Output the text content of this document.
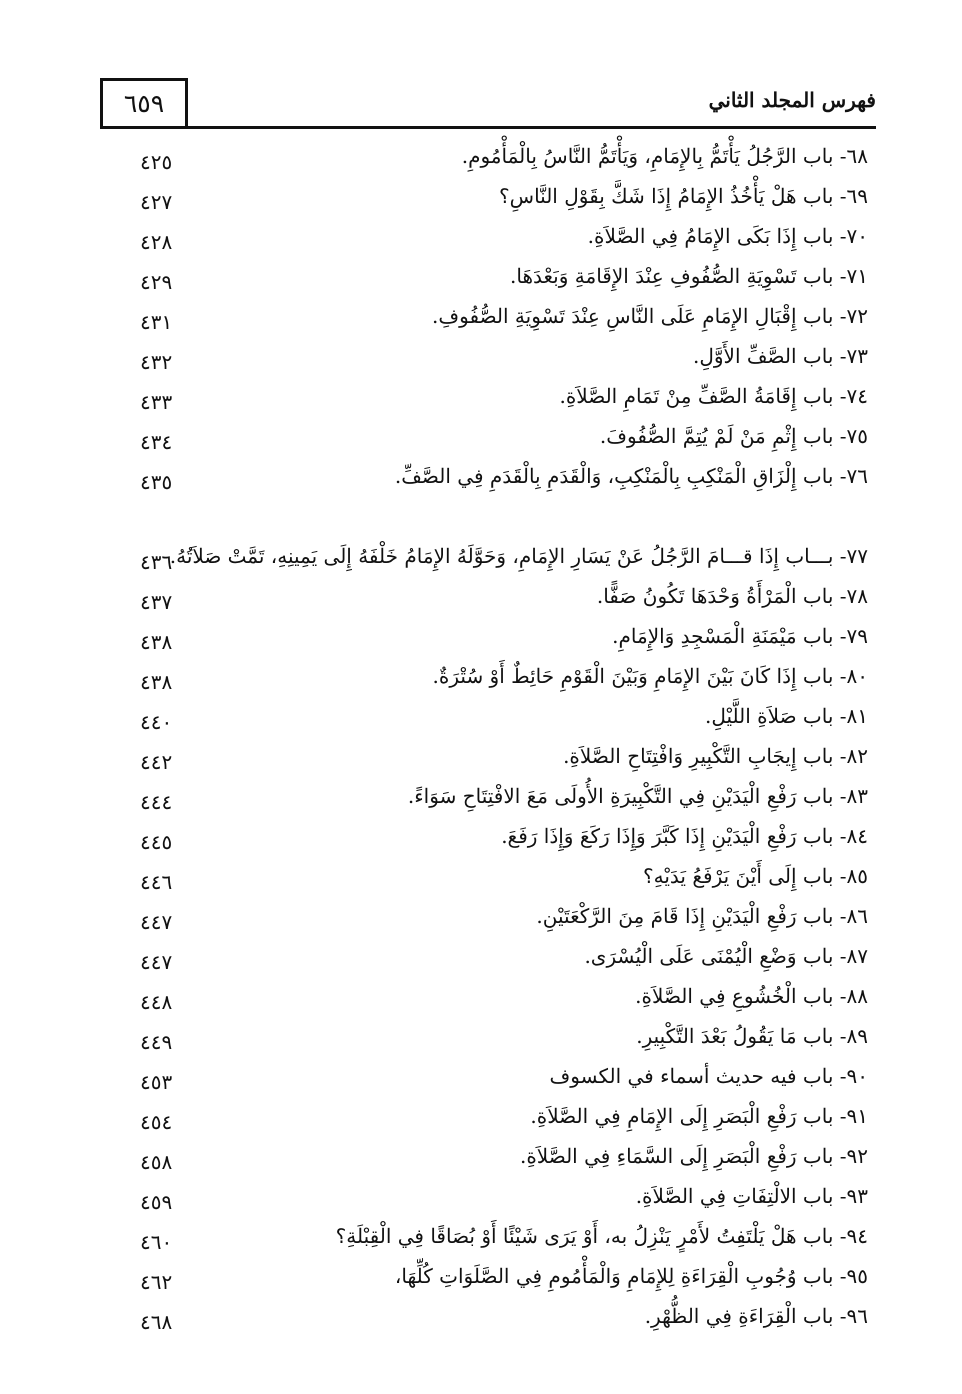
٦٥٩	فهرس المجلد الثاني
٦٨- باب الرَّجُلُ يَأْتَمُّ بِالإِمَامِ، وَيَأْتَمُّ النَّاسُ بِالْمَأْمُومِ.
٤٢٥
٦٩- باب هَلْ يَأْخُذُ الإِمَامُ إِذَا شَكَّ بِقَوْلِ النَّاسِ؟
٤٢٧
٧٠- باب إِذَا بَكَى الإِمَامُ فِي الصَّلاَةِ.
٤٢٨
٧١- باب تَسْوِيَةِ الصُّفُوفِ عِنْدَ الإِقَامَةِ وَبَعْدَهَا.
٤٢٩
٧٢- باب إِقْبَالِ الإِمَامِ عَلَى النَّاسِ عِنْدَ تَسْوِيَةِ الصُّفُوفِ.
٤٣١
٧٣- باب الصَّفِّ الأَوَّلِ.
٤٣٢
٧٤- باب إِقَامَةُ الصَّفِّ مِنْ تَمَامِ الصَّلاَةِ.
٤٣٣
٧٥- باب إِثْمِ مَنْ لَمْ يُتِمَّ الصُّفُوفَ.
٤٣٤
٧٦- باب إِلْزَاقِ الْمَنْكِبِ بِالْمَنْكِبِ، وَالْقَدَمِ بِالْقَدَمِ فِي الصَّفِّ.
٤٣٥
٧٧- بـــاب إِذَا قـــامَ الرَّجُلُ عَنْ يَسَارِ الإِمَامِ، وَحَوَّلَهُ الإِمَامُ خَلْفَهُ إِلَى يَمِينِهِ، تَمَّتْ صَلاَتُهُ.
٤٣٦
٧٨- باب الْمَرْأَةُ وَحْدَهَا تَكُونُ صَفًّا.
٤٣٧
٧٩- باب مَيْمَنَةِ الْمَسْجِدِ وَالإِمَامِ.
٤٣٨
٨٠- باب إِذَا كَانَ بَيْنَ الإِمَامِ وَبَيْنَ الْقَوْمِ حَائِطٌ أَوْ سُتْرَةٌ.
٤٣٨
٨١- باب صَلاَةِ اللَّيْلِ.
٤٤٠
٨٢- باب إِيجَابِ التَّكْبِيرِ وَافْتِتَاحِ الصَّلاَةِ.
٤٤٢
٨٣- باب رَفْعِ الْيَدَيْنِ فِي التَّكْبِيرَةِ الأُولَى مَعَ الافْتِتَاحِ سَوَاءً.
٤٤٤
٨٤- باب رَفْعِ الْيَدَيْنِ إِذَا كَبَّرَ وَإِذَا رَكَعَ وَإِذَا رَفَعَ.
٤٤٥
٨٥- باب إِلَى أَيْنَ يَرْفَعُ يَدَيْهِ؟
٤٤٦
٨٦- باب رَفْعِ الْيَدَيْنِ إِذَا قَامَ مِنَ الرَّكْعَتَيْنِ.
٤٤٧
٨٧- باب وَضْعِ الْيُمْنَى عَلَى الْيُسْرَى.
٤٤٧
٨٨- باب الْخُشُوعِ فِي الصَّلاَةِ.
٤٤٨
٨٩- باب مَا يَقُولُ بَعْدَ التَّكْبِيرِ.
٤٤٩
٩٠- باب فيه حديث أسماء في الكسوف
٤٥٣
٩١- باب رَفْعِ الْبَصَرِ إِلَى الإِمَامِ فِي الصَّلاَةِ.
٤٥٤
٩٢- باب رَفْعِ الْبَصَرِ إِلَى السَّمَاءِ فِي الصَّلاَةِ.
٤٥٨
٩٣- باب الالْتِفَاتِ فِي الصَّلاَةِ.
٤٥٩
٩٤- باب هَلْ يَلْتَفِتُ لأَمْرٍ يَنْزِلُ به، أَوْ يَرَى شَيْئًا أَوْ بُصَاقًا فِي الْقِبْلَةِ؟
٤٦٠
٩٥- باب وُجُوبِ الْقِرَاءَةِ لِلإِمَامِ وَالْمَأْمُومِ فِي الصَّلَوَاتِ كُلِّهَا،
٤٦٢
٩٦- باب الْقِرَاءَةِ فِي الظُّهْرِ.
٤٦٨
